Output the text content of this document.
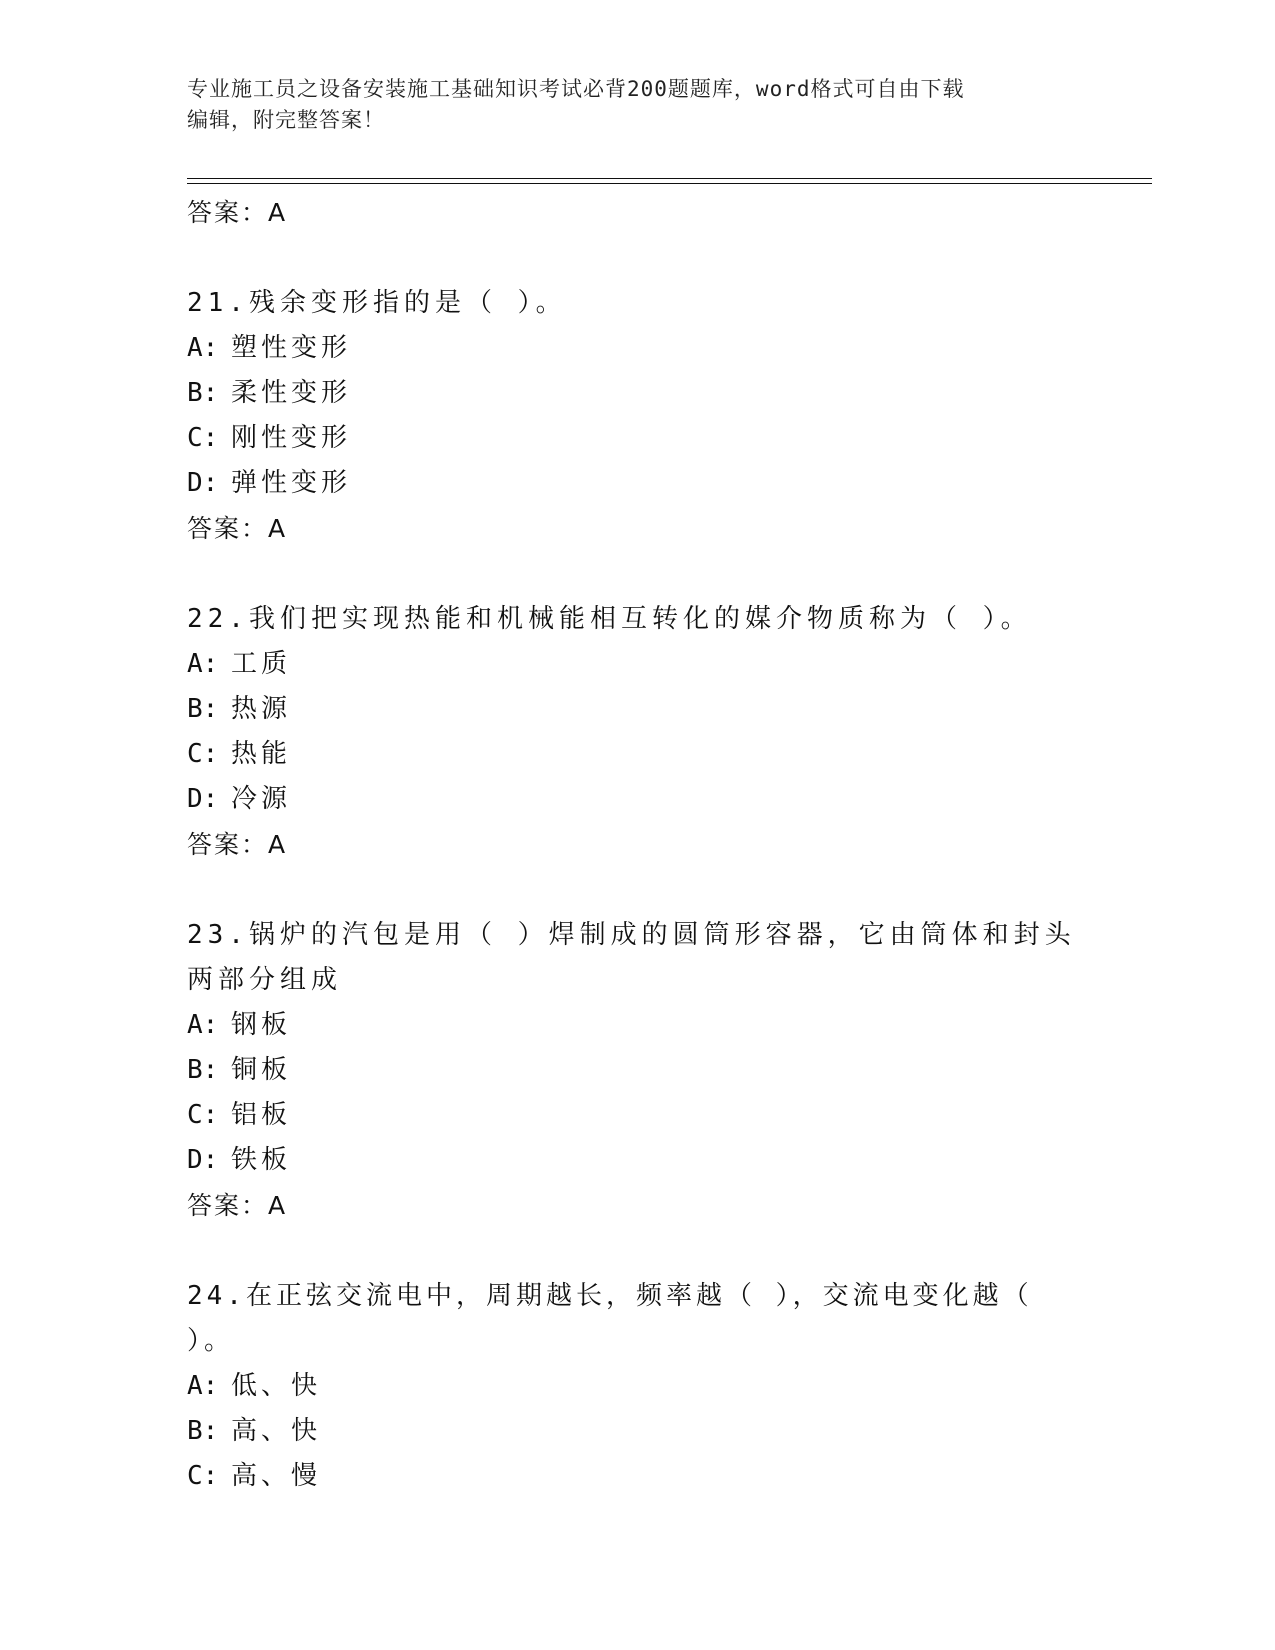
专业施工员之设备安装施工基础知识考试必背200题题库，word格式可自由下载
编辑，附完整答案！
答案：A
21.残余变形指的是（ ）。
A: 塑性变形
B: 柔性变形
C: 刚性变形
D: 弹性变形
答案：A
22.我们把实现热能和机械能相互转化的媒介物质称为（ ）。
A: 工质
B: 热源
C: 热能
D: 冷源
答案：A
23.锅炉的汽包是用（ ）焊制成的圆筒形容器，它由筒体和封头两部分组成
A: 钢板
B: 铜板
C: 铝板
D: 铁板
答案：A
24.在正弦交流电中，周期越长，频率越（ ），交流电变化越（ ）。
A: 低、快
B: 高、快
C: 高、慢
